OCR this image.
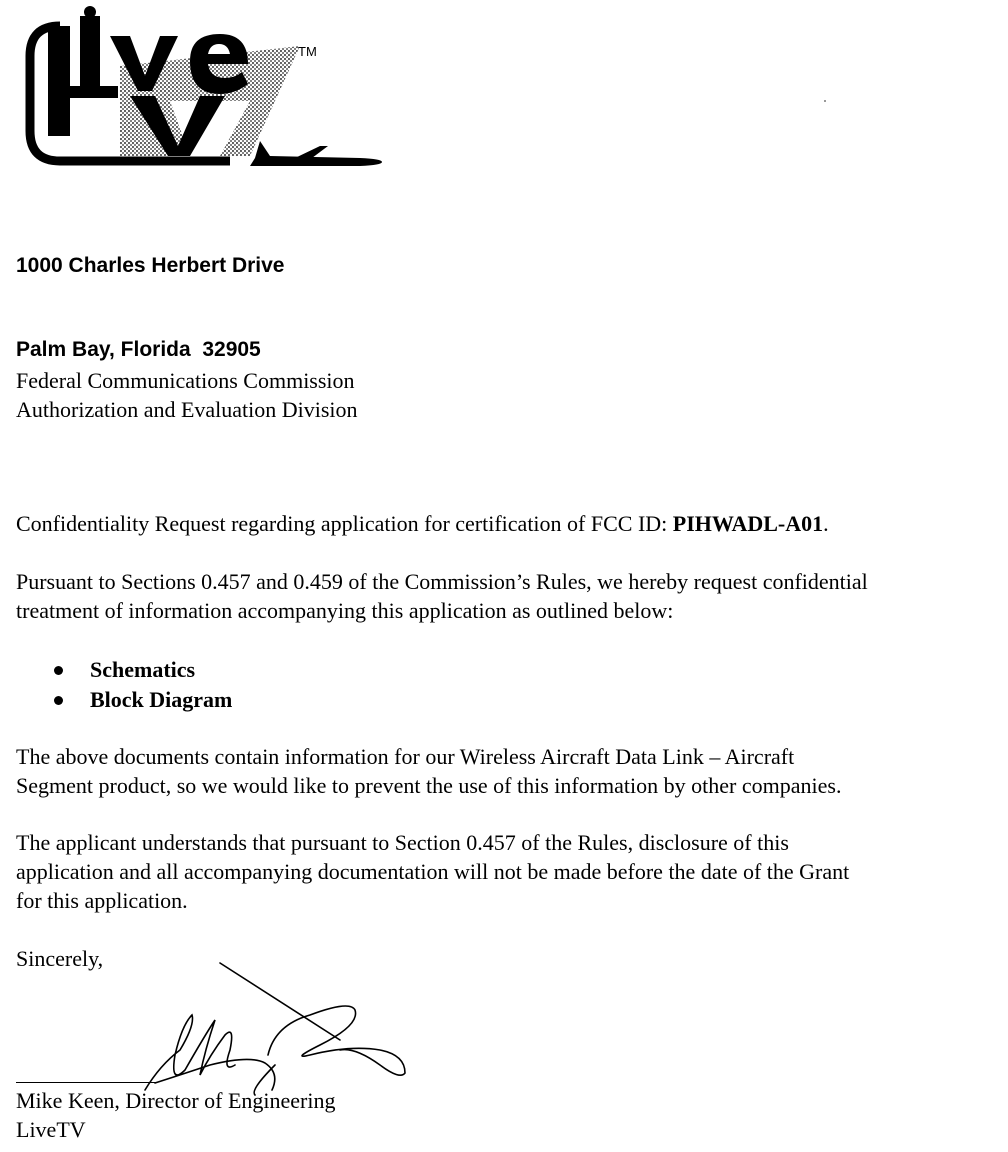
TM

1000 Charles Herbert Drive

Palm Bay, Florida  32905

Federal Communications Commission
Authorization and Evaluation Division
Confidentiality Request regarding application for certification of FCC ID: PIHWADL-A01.
Pursuant to Sections 0.457 and 0.459 of the Commission’s Rules, we hereby request confidential
treatment of information accompanying this application as outlined below:
Schematics
Block Diagram
The above documents contain information for our Wireless Aircraft Data Link – Aircraft
Segment product, so we would like to prevent the use of this information by other companies.
The applicant understands that pursuant to Section 0.457 of the Rules, disclosure of this
application and all accompanying documentation will not be made before the date of the Grant
for this application.
Sincerely,
Mike Keen, Director of Engineering
LiveTV
